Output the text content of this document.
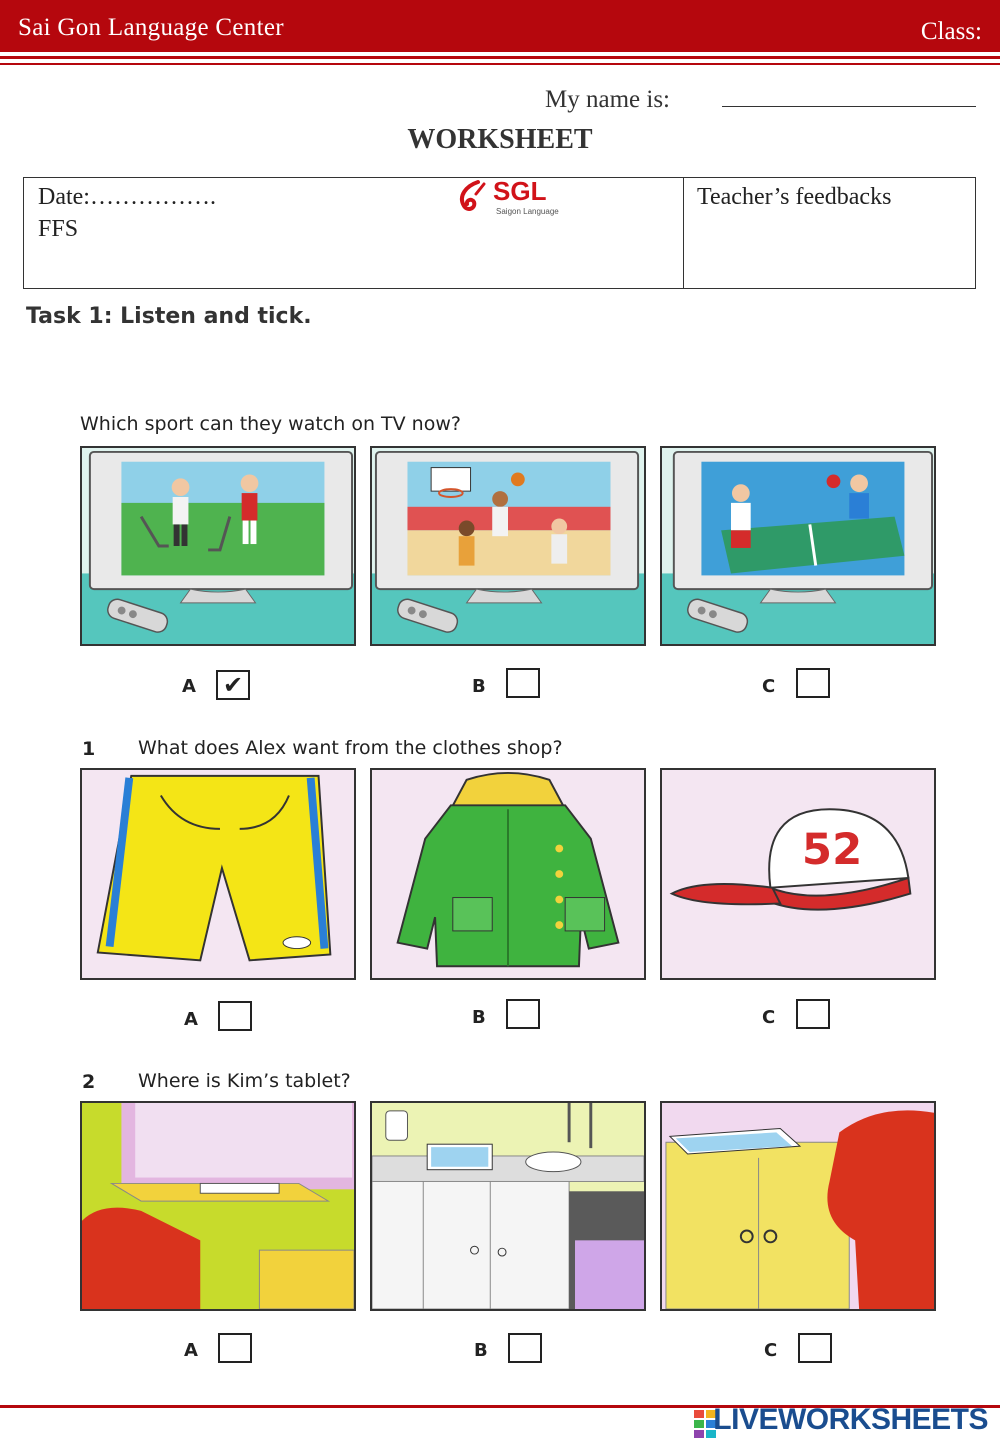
Sai Gon Language Center	Class:
My name is:
WORKSHEET
Date:…………….
FFS
Teacher’s feedbacks
SGL
Saigon Language
Task 1: Listen and tick.
Which sport can they watch on TV now?
A ✔	B	C
1 What does Alex want from the clothes shop?
52
A	B	C
2 Where is Kim’s tablet?
A	B	C
LIVEWORKSHEETS
